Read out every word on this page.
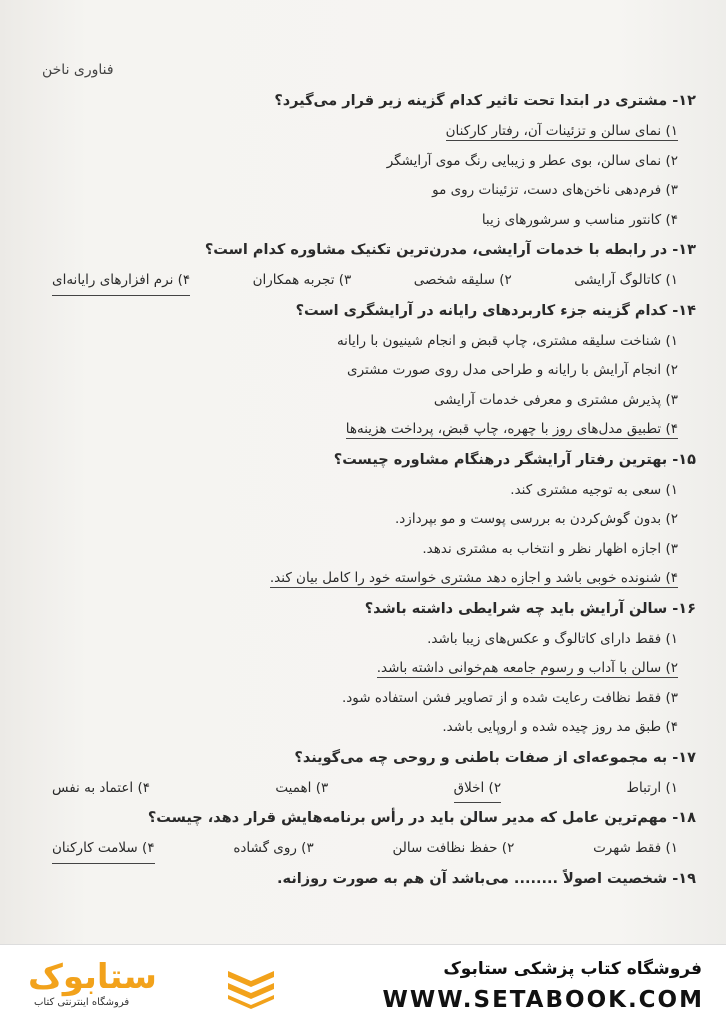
فناوری ناخن
۱۲- مشتری در ابتدا تحت تاثیر کدام گزینه زیر قرار می‌گیرد؟
۱) نمای سالن و تزئینات آن، رفتار کارکنان
۲) نمای سالن، بوی عطر و زیبایی رنگ موی آرایشگر
۳) فرم‌دهی ناخن‌های دست، تزئینات روی مو
۴) کانتور مناسب و سرشورهای زیبا
۱۳- در رابطه با خدمات آرایشی، مدرن‌ترین تکنیک مشاوره کدام است؟
۱) کاتالوگ آرایشی
۲) سلیقه شخصی
۳) تجربه همکاران
۴) نرم افزارهای رایانه‌ای
۱۴- کدام گزینه جزء کاربردهای رایانه در آرایشگری است؟
۱) شناخت سلیقه مشتری، چاپ قبض و انجام شینیون با رایانه
۲) انجام آرایش با رایانه و طراحی مدل روی صورت مشتری
۳) پذیرش مشتری و معرفی خدمات آرایشی
۴) تطبیق مدل‌های روز با چهره، چاپ قبض، پرداخت هزینه‌ها
۱۵- بهترین رفتار آرایشگر درهنگام مشاوره چیست؟
۱) سعی به توجیه مشتری کند.
۲) بدون گوش‌کردن به بررسی پوست و مو بپردازد.
۳) اجازه اظهار نظر و انتخاب به مشتری ندهد.
۴) شنونده خوبی باشد و اجازه دهد مشتری خواسته خود را کامل بیان کند.
۱۶- سالن آرایش باید چه شرایطی داشته باشد؟
۱) فقط دارای کاتالوگ و عکس‌های زیبا باشد.
۲) سالن با آداب و رسوم جامعه هم‌خوانی داشته باشد.
۳) فقط نظافت رعایت شده و از تصاویر فشن استفاده شود.
۴) طبق مد روز چیده شده و اروپایی باشد.
۱۷- به مجموعه‌ای از صفات باطنی و روحی چه می‌گویند؟
۱) ارتباط
۲) اخلاق
۳) اهمیت
۴) اعتماد به نفس
۱۸- مهم‌ترین عامل که مدیر سالن باید در رأس برنامه‌هایش قرار دهد، چیست؟
۱) فقط شهرت
۲) حفظ نظافت سالن
۳) روی گشاده
۴) سلامت کارکنان
۱۹- شخصیت اصولاً ........ می‌باشد آن هم به صورت روزانه.
ستابوک
فروشگاه اینترنتی کتاب
فروشگاه کتاب پزشکی ستابوک
WWW.SETABOOK.COM
